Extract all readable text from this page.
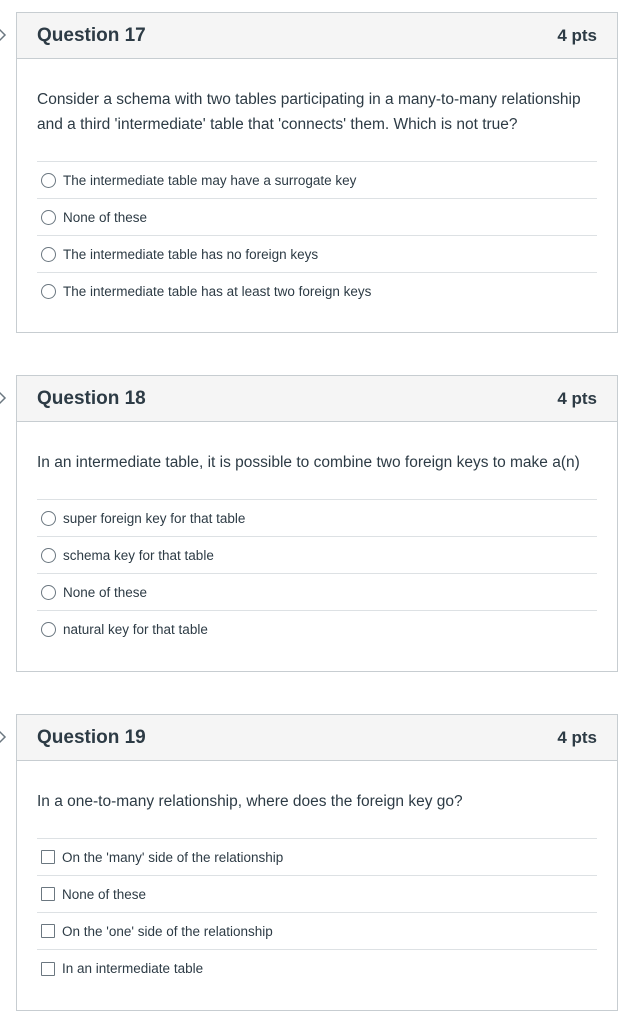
Question 17	4 pts
Consider a schema with two tables participating in a many-to-many relationship and a third 'intermediate' table that 'connects' them. Which is not true?
The intermediate table may have a surrogate key
None of these
The intermediate table has no foreign keys
The intermediate table has at least two foreign keys
Question 18	4 pts
In an intermediate table, it is possible to combine two foreign keys to make a(n)
super foreign key for that table
schema key for that table
None of these
natural key for that table
Question 19	4 pts
In a one-to-many relationship, where does the foreign key go?
On the 'many' side of the relationship
None of these
On the 'one' side of the relationship
In an intermediate table
